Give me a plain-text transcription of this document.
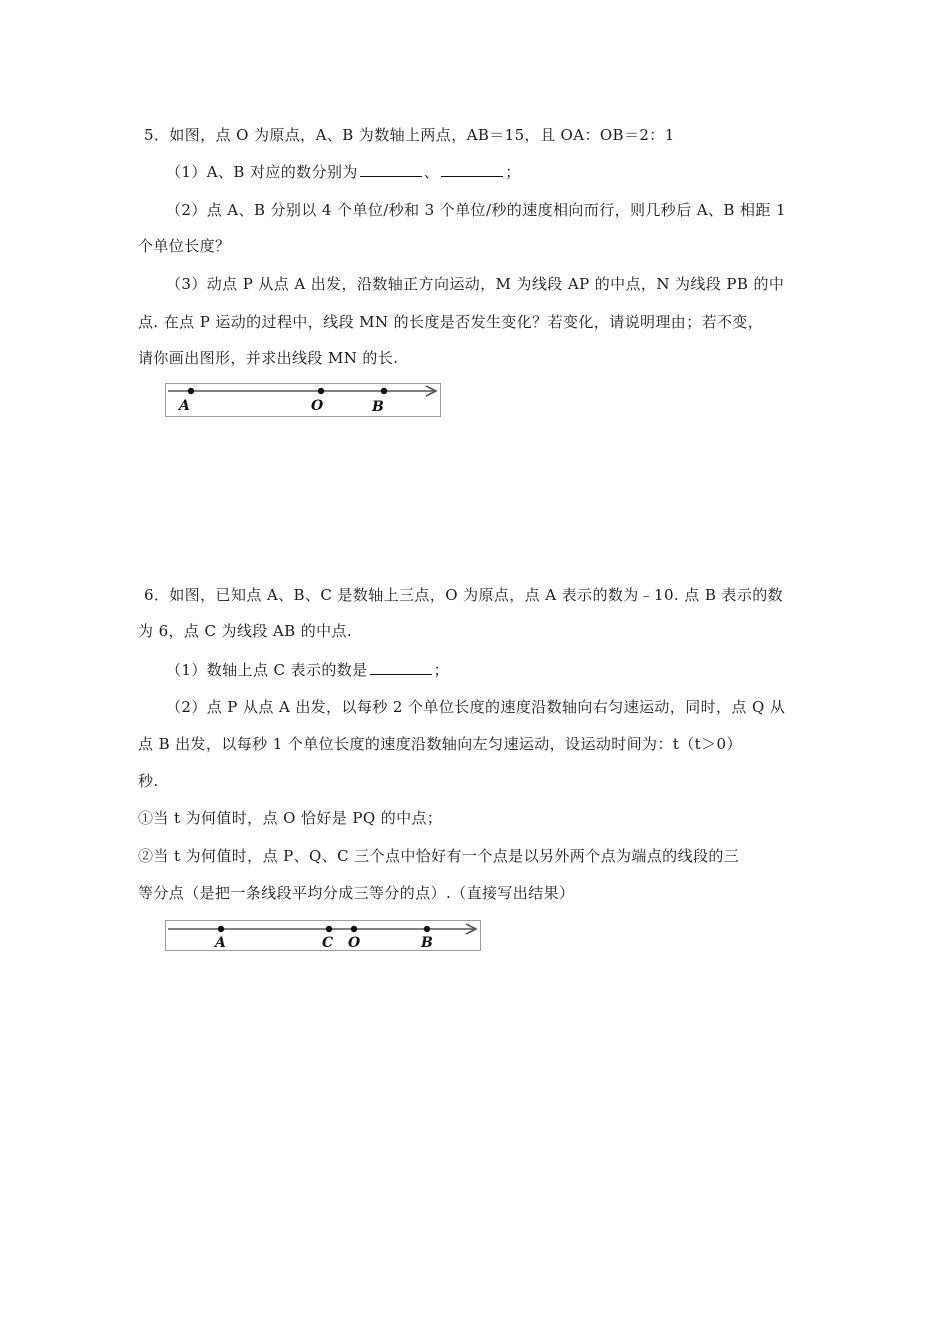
5．如图，点 O 为原点，A、B 为数轴上两点，AB＝15，且 OA：OB＝2：1
（1）A、B 对应的数分别为	、	；
（2）点 A、B 分别以 4 个单位/秒和 3 个单位/秒的速度相向而行，则几秒后 A、B 相距 1
个单位长度？
（3）动点 P 从点 A 出发，沿数轴正方向运动，M 为线段 AP 的中点，N 为线段 PB 的中
点. 在点 P 运动的过程中，线段 MN 的长度是否发生变化？若变化，请说明理由；若不变，
请你画出图形，并求出线段 MN 的长.
A	O	B
6．如图，已知点 A、B、C 是数轴上三点，O 为原点，点 A 表示的数为﹣10. 点 B 表示的数
为 6，点 C 为线段 AB 的中点.
（1）数轴上点 C 表示的数是	；
（2）点 P 从点 A 出发，以每秒 2 个单位长度的速度沿数轴向右匀速运动，同时，点 Q 从
点 B 出发，以每秒 1 个单位长度的速度沿数轴向左匀速运动，设运动时间为：t（t＞0）
秒.
①当 t 为何值时，点 O 恰好是 PQ 的中点；
②当 t 为何值时，点 P、Q、C 三个点中恰好有一个点是以另外两个点为端点的线段的三
等分点（是把一条线段平均分成三等分的点）.（直接写出结果）
A	C O	B
